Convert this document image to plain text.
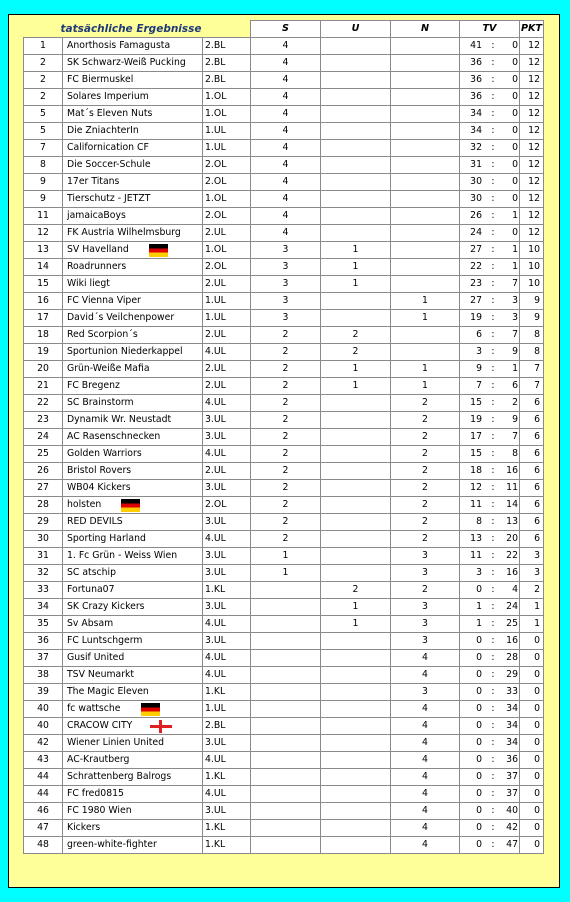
tatsächliche Ergebnisse			S	U	N	TV	PKT
1	Anorthosis Famagusta	2.BL	4			41 : 0	12
2	SK Schwarz-Weiß Pucking	2.BL	4			36 : 0	12
2	FC Biermuskel	2.BL	4			36 : 0	12
2	Solares Imperium	1.OL	4			36 : 0	12
5	Mat´s Eleven Nuts	1.OL	4			34 : 0	12
5	Die ZniachterIn	1.UL	4			34 : 0	12
7	Californication CF	1.UL	4			32 : 0	12
8	Die Soccer-Schule	2.OL	4			31 : 0	12
9	17er Titans	2.OL	4			30 : 0	12
9	Tierschutz - JETZT	1.OL	4			30 : 0	12
11	jamaicaBoys	2.OL	4			26 : 1	12
12	FK Austria Wilhelmsburg	2.UL	4			24 : 0	12
13	SV Havelland	1.OL	3	1		27 : 1	10
14	Roadrunners	2.OL	3	1		22 : 1	10
15	Wiki liegt	2.UL	3	1		23 : 7	10
16	FC Vienna Viper	1.UL	3		1	27 : 3	9
17	David´s Veilchenpower	1.UL	3		1	19 : 3	9
18	Red Scorpion´s	2.UL	2	2		6 : 7	8
19	Sportunion Niederkappel	4.UL	2	2		3 : 9	8
20	Grün-Weiße Mafia	2.UL	2	1	1	9 : 1	7
21	FC Bregenz	2.UL	2	1	1	7 : 6	7
22	SC Brainstorm	4.UL	2		2	15 : 2	6
23	Dynamik Wr. Neustadt	3.UL	2		2	19 : 9	6
24	AC Rasenschnecken	3.UL	2		2	17 : 7	6
25	Golden Warriors	4.UL	2		2	15 : 8	6
26	Bristol Rovers	2.UL	2		2	18 : 16	6
27	WB04 Kickers	3.UL	2		2	12 : 11	6
28	holsten	2.OL	2		2	11 : 14	6
29	RED DEVILS	3.UL	2		2	8 : 13	6
30	Sporting Harland	4.UL	2		2	13 : 20	6
31	1. Fc Grün - Weiss Wien	3.UL	1		3	11 : 22	3
32	SC atschip	3.UL	1		3	3 : 16	3
33	Fortuna07	1.KL		2	2	0 : 4	2
34	SK Crazy Kickers	3.UL		1	3	1 : 24	1
35	Sv Absam	4.UL		1	3	1 : 25	1
36	FC Luntschgerm	3.UL			3	0 : 16	0
37	Gusif United	4.UL			4	0 : 28	0
38	TSV Neumarkt	4.UL			4	0 : 29	0
39	The Magic Eleven	1.KL			3	0 : 33	0
40	fc wattsche	1.UL			4	0 : 34	0
40	CRACOW CITY	2.BL			4	0 : 34	0
42	Wiener Linien United	3.UL			4	0 : 34	0
43	AC-Krautberg	4.UL			4	0 : 36	0
44	Schrattenberg Balrogs	1.KL			4	0 : 37	0
44	FC fred0815	4.UL			4	0 : 37	0
46	FC 1980 Wien	3.UL			4	0 : 40	0
47	Kickers	1.KL			4	0 : 42	0
48	green-white-fighter	1.KL			4	0 : 47	0
